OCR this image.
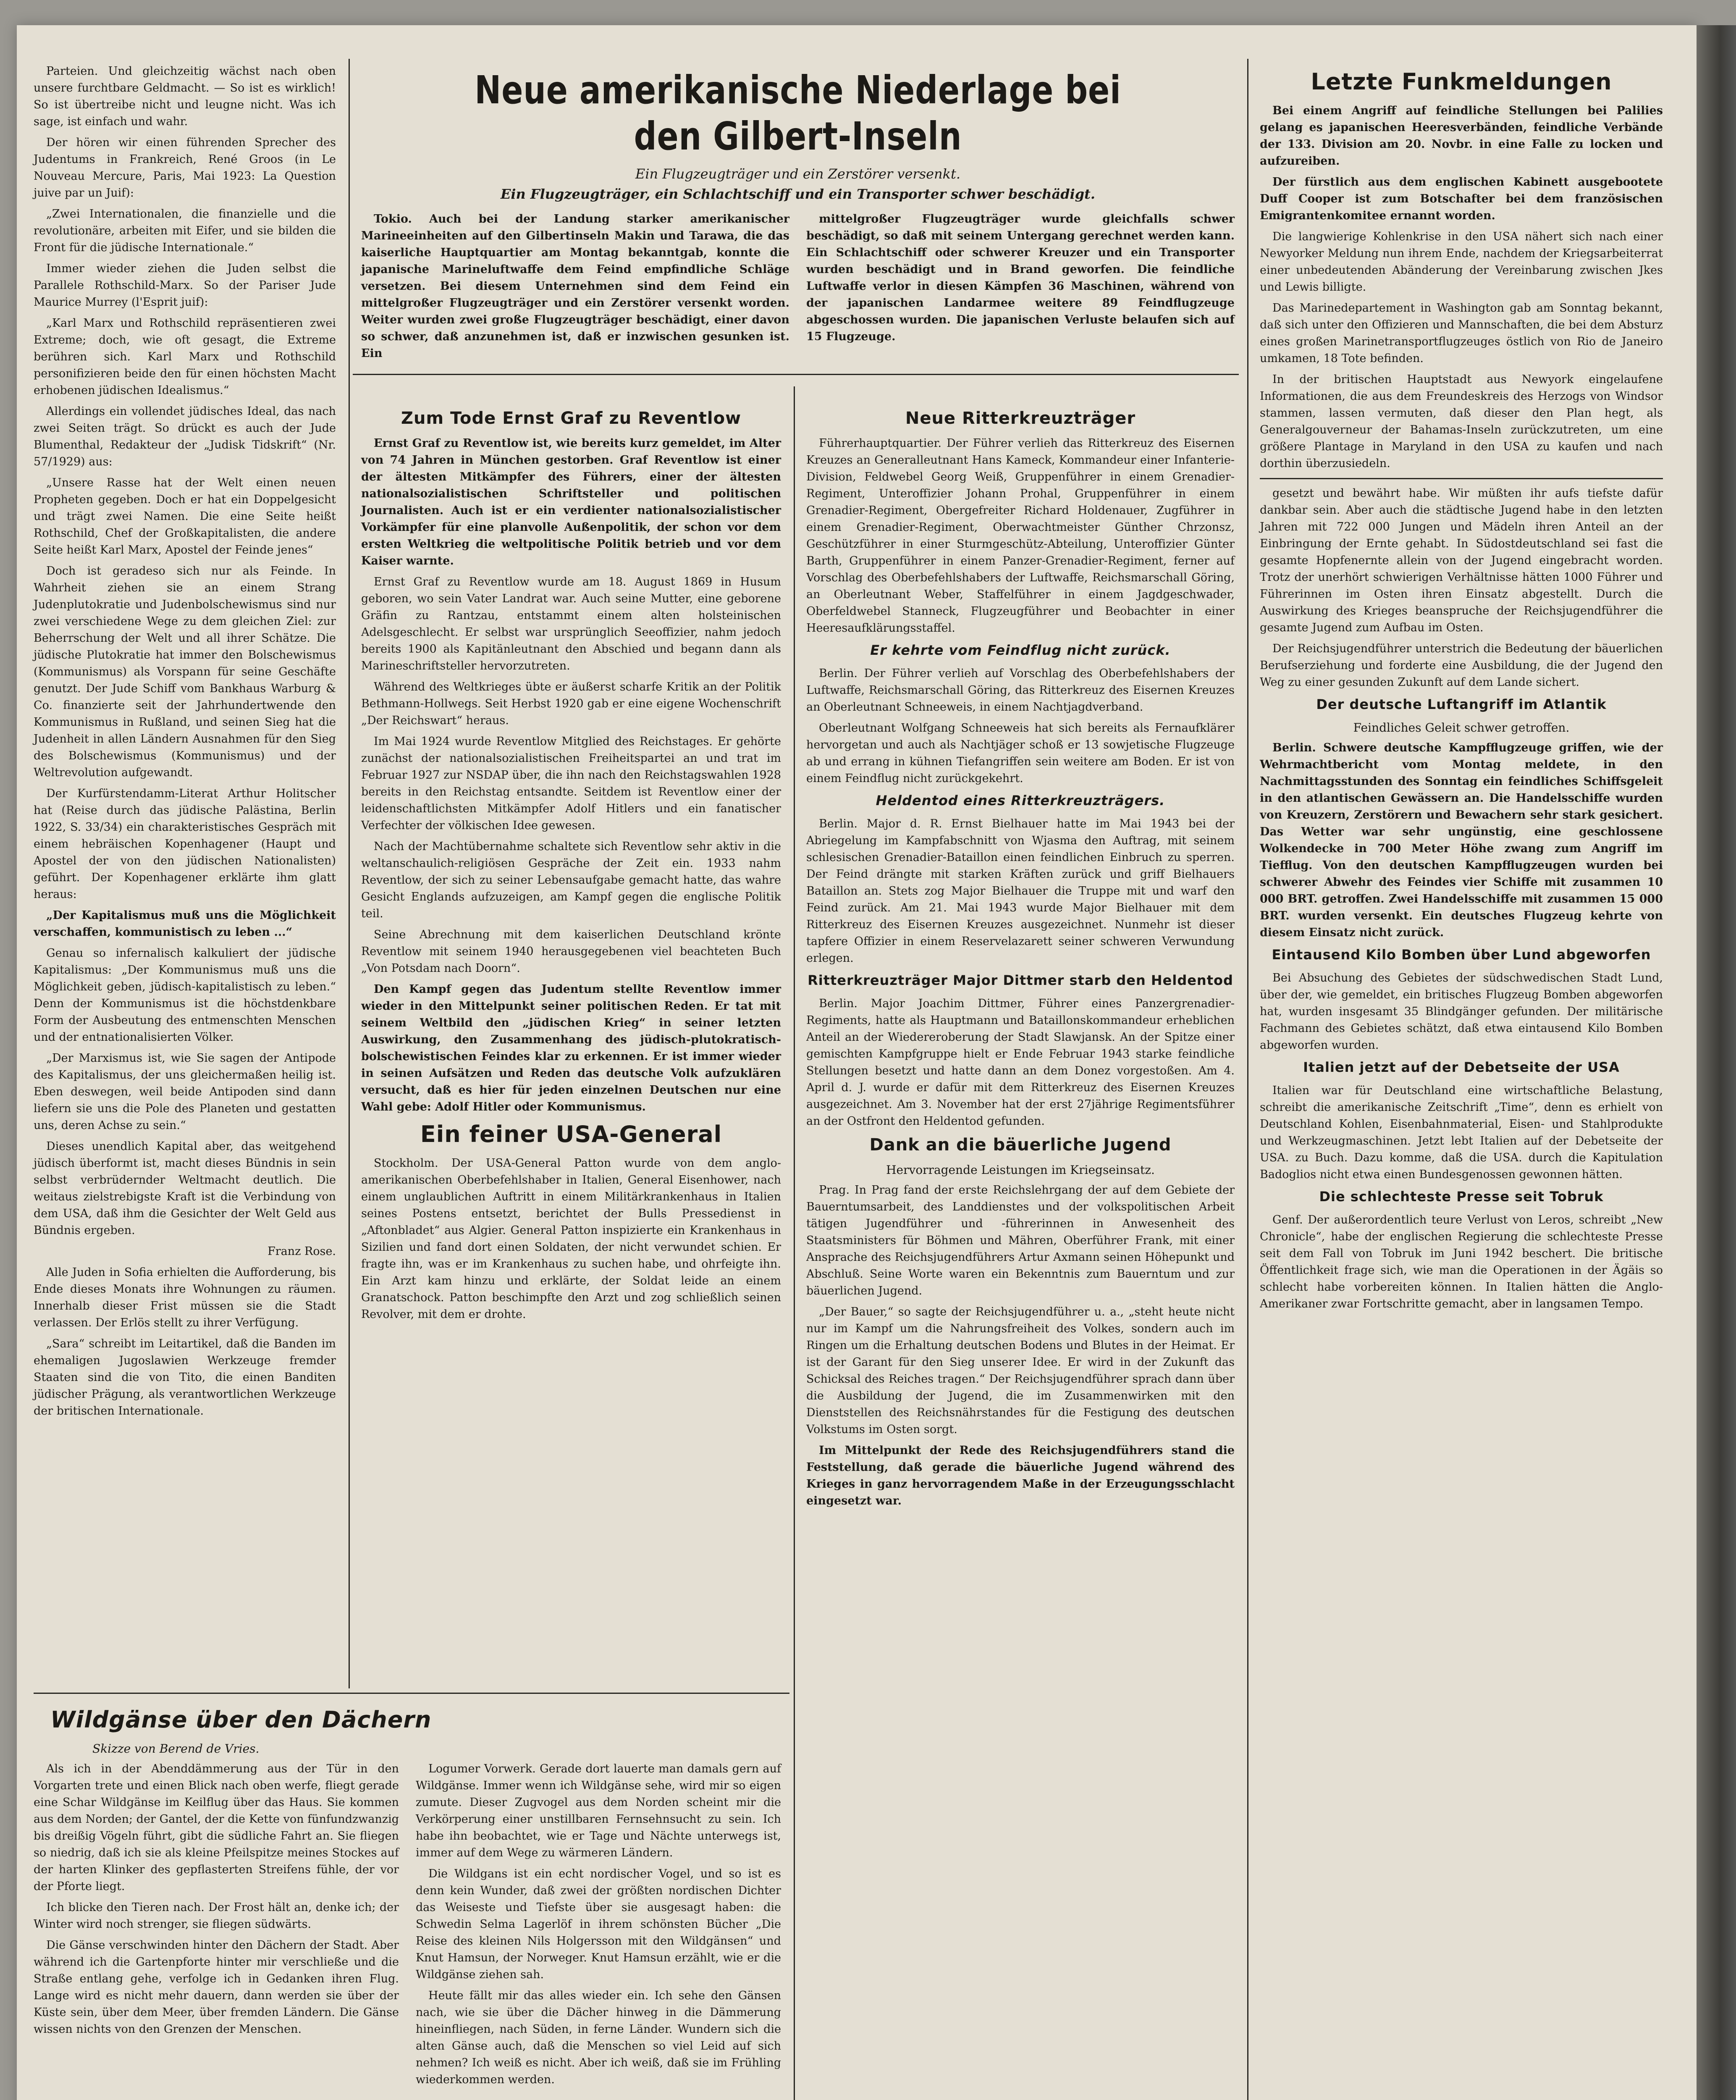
Parteien. Und gleichzeitig wächst nach oben unsere furchtbare Geldmacht. — So ist es wirklich! So ist übertreibe nicht und leugne nicht. Was ich sage, ist einfach und wahr.

Der hören wir einen führenden Sprecher des Judentums in Frankreich, René Groos (in Le Nouveau Mercure, Paris, Mai 1923: La Question juive par un Juif):

„Zwei Internationalen, die finanzielle und die revolutionäre, arbeiten mit Eifer, und sie bilden die Front für die jüdische Internationale.“

Immer wieder ziehen die Juden selbst die Parallele Rothschild-Marx. So der Pariser Jude Maurice Murrey (l'Esprit juif):

„Karl Marx und Rothschild repräsentieren zwei Extreme; doch, wie oft gesagt, die Extreme berühren sich. Karl Marx und Rothschild personifizieren beide den für einen höchsten Macht erhobenen jüdischen Idealismus.“

Allerdings ein vollendet jüdisches Ideal, das nach zwei Seiten trägt. So drückt es auch der Jude Blumenthal, Redakteur der „Judisk Tidskrift“ (Nr. 57/1929) aus:

„Unsere Rasse hat der Welt einen neuen Propheten gegeben. Doch er hat ein Doppelgesicht und trägt zwei Namen. Die eine Seite heißt Rothschild, Chef der Großkapitalisten, die andere Seite heißt Karl Marx, Apostel der Feinde jenes“

Doch ist geradeso sich nur als Feinde. In Wahrheit ziehen sie an einem Strang Judenplutokratie und Judenbolschewismus sind nur zwei verschiedene Wege zu dem gleichen Ziel: zur Beherrschung der Welt und all ihrer Schätze. Die jüdische Plutokratie hat immer den Bolschewismus (Kommunismus) als Vorspann für seine Geschäfte genutzt. Der Jude Schiff vom Bankhaus Warburg & Co. finanzierte seit der Jahrhundertwende den Kommunismus in Rußland, und seinen Sieg hat die Judenheit in allen Ländern Ausnahmen für den Sieg des Bolschewismus (Kommunismus) und der Weltrevolution aufgewandt.

Der Kurfürstendamm-Literat Arthur Holitscher hat (Reise durch das jüdische Palästina, Berlin 1922, S. 33/34) ein charakteristisches Gespräch mit einem hebräischen Kopenhagener (Haupt und Apostel der von den jüdischen Nationalisten) geführt. Der Kopenhagener erklärte ihm glatt heraus:

„Der Kapitalismus muß uns die Möglichkeit verschaffen, kommunistisch zu leben ...“

Genau so infernalisch kalkuliert der jüdische Kapitalismus: „Der Kommunismus muß uns die Möglichkeit geben, jüdisch-kapitalistisch zu leben.“ Denn der Kommunismus ist die höchstdenkbare Form der Ausbeutung des entmenschten Menschen und der entnationalisierten Völker.

„Der Marxismus ist, wie Sie sagen der Antipode des Kapitalismus, der uns gleichermaßen heilig ist. Eben deswegen, weil beide Antipoden sind dann liefern sie uns die Pole des Planeten und gestatten uns, deren Achse zu sein.“

Dieses unendlich Kapital aber, das weitgehend jüdisch überformt ist, macht dieses Bündnis in sein selbst verbrüdernder Weltmacht deutlich. Die weitaus zielstrebigste Kraft ist die Verbindung von dem USA, daß ihm die Gesichter der Welt Geld aus Bündnis ergeben.

Franz Rose.

Alle Juden in Sofia erhielten die Aufforderung, bis Ende dieses Monats ihre Wohnungen zu räumen. Innerhalb dieser Frist müssen sie die Stadt verlassen. Der Erlös stellt zu ihrer Verfügung.

„Sara“ schreibt im Leitartikel, daß die Banden im ehemaligen Jugoslawien Werkzeuge fremder Staaten sind die von Tito, die einen Banditen jüdischer Prägung, als verantwortlichen Werkzeuge der britischen Internationale.

Neue amerikanische Niederlage bei den Gilbert-Inseln

Ein Flugzeugträger und ein Zerstörer versenkt.

Ein Flugzeugträger, ein Schlachtschiff und ein Transporter schwer beschädigt.

Tokio. Auch bei der Landung starker amerikanischer Marineeinheiten auf den Gilbertinseln Makin und Tarawa, die das kaiserliche Hauptquartier am Montag bekanntgab, konnte die japanische Marineluftwaffe dem Feind empfindliche Schläge versetzen. Bei diesem Unternehmen sind dem Feind ein mittelgroßer Flugzeugträger und ein Zerstörer versenkt worden. Weiter wurden zwei große Flugzeugträger beschädigt, einer davon so schwer, daß anzunehmen ist, daß er inzwischen gesunken ist. Ein

mittelgroßer Flugzeugträger wurde gleichfalls schwer beschädigt, so daß mit seinem Untergang gerechnet werden kann. Ein Schlachtschiff oder schwerer Kreuzer und ein Transporter wurden beschädigt und in Brand geworfen. Die feindliche Luftwaffe verlor in diesen Kämpfen 36 Maschinen, während von der japanischen Landarmee weitere 89 Feindflugzeuge abgeschossen wurden. Die japanischen Verluste belaufen sich auf 15 Flugzeuge.

Zum Tode Ernst Graf zu Reventlow

Ernst Graf zu Reventlow ist, wie bereits kurz gemeldet, im Alter von 74 Jahren in München gestorben. Graf Reventlow ist einer der ältesten Mitkämpfer des Führers, einer der ältesten nationalsozialistischen Schriftsteller und politischen Journalisten. Auch ist er ein verdienter nationalsozialistischer Vorkämpfer für eine planvolle Außenpolitik, der schon vor dem ersten Weltkrieg die weltpolitische Politik betrieb und vor dem Kaiser warnte.

Ernst Graf zu Reventlow wurde am 18. August 1869 in Husum geboren, wo sein Vater Landrat war. Auch seine Mutter, eine geborene Gräfin zu Rantzau, entstammt einem alten holsteinischen Adelsgeschlecht. Er selbst war ursprünglich Seeoffizier, nahm jedoch bereits 1900 als Kapitänleutnant den Abschied und begann dann als Marineschriftsteller hervorzutreten.

Während des Weltkrieges übte er äußerst scharfe Kritik an der Politik Bethmann-Hollwegs. Seit Herbst 1920 gab er eine eigene Wochenschrift „Der Reichswart“ heraus.

Im Mai 1924 wurde Reventlow Mitglied des Reichstages. Er gehörte zunächst der nationalsozialistischen Freiheitspartei an und trat im Februar 1927 zur NSDAP über, die ihn nach den Reichstagswahlen 1928 bereits in den Reichstag entsandte. Seitdem ist Reventlow einer der leidenschaftlichsten Mitkämpfer Adolf Hitlers und ein fanatischer Verfechter der völkischen Idee gewesen.

Nach der Machtübernahme schaltete sich Reventlow sehr aktiv in die weltanschaulich-religiösen Gespräche der Zeit ein. 1933 nahm Reventlow, der sich zu seiner Lebensaufgabe gemacht hatte, das wahre Gesicht Englands aufzuzeigen, am Kampf gegen die englische Politik teil.

Seine Abrechnung mit dem kaiserlichen Deutschland krönte Reventlow mit seinem 1940 herausgegebenen viel beachteten Buch „Von Potsdam nach Doorn“.

Den Kampf gegen das Judentum stellte Reventlow immer wieder in den Mittelpunkt seiner politischen Reden. Er tat mit seinem Weltbild den „jüdischen Krieg“ in seiner letzten Auswirkung, den Zusammenhang des jüdisch-plutokratisch-bolschewistischen Feindes klar zu erkennen. Er ist immer wieder in seinen Aufsätzen und Reden das deutsche Volk aufzuklären versucht, daß es hier für jeden einzelnen Deutschen nur eine Wahl gebe: Adolf Hitler oder Kommunismus.

Ein feiner USA-General

Stockholm. Der USA-General Patton wurde von dem anglo-amerikanischen Oberbefehlshaber in Italien, General Eisenhower, nach einem unglaublichen Auftritt in einem Militärkrankenhaus in Italien seines Postens entsetzt, berichtet der Bulls Pressedienst in „Aftonbladet“ aus Algier. General Patton inspizierte ein Krankenhaus in Sizilien und fand dort einen Soldaten, der nicht verwundet schien. Er fragte ihn, was er im Krankenhaus zu suchen habe, und ohrfeigte ihn. Ein Arzt kam hinzu und erklärte, der Soldat leide an einem Granatschock. Patton beschimpfte den Arzt und zog schließlich seinen Revolver, mit dem er drohte.

Neue Ritterkreuzträger

Führerhauptquartier. Der Führer verlieh das Ritterkreuz des Eisernen Kreuzes an Generalleutnant Hans Kameck, Kommandeur einer Infanterie-Division, Feldwebel Georg Weiß, Gruppenführer in einem Grenadier-Regiment, Unteroffizier Johann Prohal, Gruppenführer in einem Grenadier-Regiment, Obergefreiter Richard Holdenauer, Zugführer in einem Grenadier-Regiment, Oberwachtmeister Günther Chrzonsz, Geschützführer in einer Sturmgeschütz-Abteilung, Unteroffizier Günter Barth, Gruppenführer in einem Panzer-Grenadier-Regiment, ferner auf Vorschlag des Oberbefehlshabers der Luftwaffe, Reichsmarschall Göring, an Oberleutnant Weber, Staffelführer in einem Jagdgeschwader, Oberfeldwebel Stanneck, Flugzeugführer und Beobachter in einer Heeresaufklärungsstaffel.

Er kehrte vom Feindflug nicht zurück.

Berlin. Der Führer verlieh auf Vorschlag des Oberbefehlshabers der Luftwaffe, Reichsmarschall Göring, das Ritterkreuz des Eisernen Kreuzes an Oberleutnant Schneeweis, in einem Nachtjagdverband.

Oberleutnant Wolfgang Schneeweis hat sich bereits als Fernaufklärer hervorgetan und auch als Nachtjäger schoß er 13 sowjetische Flugzeuge ab und errang in kühnen Tiefangriffen sein weitere am Boden. Er ist von einem Feindflug nicht zurückgekehrt.

Heldentod eines Ritterkreuzträgers.

Berlin. Major d. R. Ernst Bielhauer hatte im Mai 1943 bei der Abriegelung im Kampfabschnitt von Wjasma den Auftrag, mit seinem schlesischen Grenadier-Bataillon einen feindlichen Einbruch zu sperren. Der Feind drängte mit starken Kräften zurück und griff Bielhauers Bataillon an. Stets zog Major Bielhauer die Truppe mit und warf den Feind zurück. Am 21. Mai 1943 wurde Major Bielhauer mit dem Ritterkreuz des Eisernen Kreuzes ausgezeichnet. Nunmehr ist dieser tapfere Offizier in einem Reservelazarett seiner schweren Verwundung erlegen.

Ritterkreuzträger Major Dittmer starb den Heldentod

Berlin. Major Joachim Dittmer, Führer eines Panzergrenadier-Regiments, hatte als Hauptmann und Bataillonskommandeur erheblichen Anteil an der Wiedereroberung der Stadt Slawjansk. An der Spitze einer gemischten Kampfgruppe hielt er Ende Februar 1943 starke feindliche Stellungen besetzt und hatte dann an dem Donez vorgestoßen. Am 4. April d. J. wurde er dafür mit dem Ritterkreuz des Eisernen Kreuzes ausgezeichnet. Am 3. November hat der erst 27jährige Regimentsführer an der Ostfront den Heldentod gefunden.

Dank an die bäuerliche Jugend

Hervorragende Leistungen im Kriegseinsatz.

Prag. In Prag fand der erste Reichslehrgang der auf dem Gebiete der Bauerntumsarbeit, des Landdienstes und der volkspolitischen Arbeit tätigen Jugendführer und -führerinnen in Anwesenheit des Staatsministers für Böhmen und Mähren, Oberführer Frank, mit einer Ansprache des Reichsjugendführers Artur Axmann seinen Höhepunkt und Abschluß. Seine Worte waren ein Bekenntnis zum Bauerntum und zur bäuerlichen Jugend.

„Der Bauer,“ so sagte der Reichsjugendführer u. a., „steht heute nicht nur im Kampf um die Nahrungsfreiheit des Volkes, sondern auch im Ringen um die Erhaltung deutschen Bodens und Blutes in der Heimat. Er ist der Garant für den Sieg unserer Idee. Er wird in der Zukunft das Schicksal des Reiches tragen.“ Der Reichsjugendführer sprach dann über die Ausbildung der Jugend, die im Zusammenwirken mit den Dienststellen des Reichsnährstandes für die Festigung des deutschen Volkstums im Osten sorgt.

Im Mittelpunkt der Rede des Reichsjugendführers stand die Feststellung, daß gerade die bäuerliche Jugend während des Krieges in ganz hervorragendem Maße in der Erzeugungsschlacht eingesetzt war.

Letzte Funkmeldungen

Bei einem Angriff auf feindliche Stellungen bei Palilies gelang es japanischen Heeresverbänden, feindliche Verbände der 133. Division am 20. Novbr. in eine Falle zu locken und aufzureiben.

Der fürstlich aus dem englischen Kabinett ausgebootete Duff Cooper ist zum Botschafter bei dem französischen Emigrantenkomitee ernannt worden.

Die langwierige Kohlenkrise in den USA nähert sich nach einer Newyorker Meldung nun ihrem Ende, nachdem der Kriegsarbeiterrat einer unbedeutenden Abänderung der Vereinbarung zwischen Jkes und Lewis billigte.

Das Marinedepartement in Washington gab am Sonntag bekannt, daß sich unter den Offizieren und Mannschaften, die bei dem Absturz eines großen Marinetransportflugzeuges östlich von Rio de Janeiro umkamen, 18 Tote befinden.

In der britischen Hauptstadt aus Newyork eingelaufene Informationen, die aus dem Freundeskreis des Herzogs von Windsor stammen, lassen vermuten, daß dieser den Plan hegt, als Generalgouverneur der Bahamas-Inseln zurückzutreten, um eine größere Plantage in Maryland in den USA zu kaufen und nach dorthin überzusiedeln.

gesetzt und bewährt habe. Wir müßten ihr aufs tiefste dafür dankbar sein. Aber auch die städtische Jugend habe in den letzten Jahren mit 722 000 Jungen und Mädeln ihren Anteil an der Einbringung der Ernte gehabt. In Südostdeutschland sei fast die gesamte Hopfenernte allein von der Jugend eingebracht worden. Trotz der unerhört schwierigen Verhältnisse hätten 1000 Führer und Führerinnen im Osten ihren Einsatz abgestellt. Durch die Auswirkung des Krieges beanspruche der Reichsjugendführer die gesamte Jugend zum Aufbau im Osten.

Der Reichsjugendführer unterstrich die Bedeutung der bäuerlichen Berufserziehung und forderte eine Ausbildung, die der Jugend den Weg zu einer gesunden Zukunft auf dem Lande sichert.

Der deutsche Luftangriff im Atlantik

Feindliches Geleit schwer getroffen.

Berlin. Schwere deutsche Kampfflugzeuge griffen, wie der Wehrmachtbericht vom Montag meldete, in den Nachmittagsstunden des Sonntag ein feindliches Schiffsgeleit in den atlantischen Gewässern an. Die Handelsschiffe wurden von Kreuzern, Zerstörern und Bewachern sehr stark gesichert. Das Wetter war sehr ungünstig, eine geschlossene Wolkendecke in 700 Meter Höhe zwang zum Angriff im Tiefflug. Von den deutschen Kampfflugzeugen wurden bei schwerer Abwehr des Feindes vier Schiffe mit zusammen 10 000 BRT. getroffen. Zwei Handelsschiffe mit zusammen 15 000 BRT. wurden versenkt. Ein deutsches Flugzeug kehrte von diesem Einsatz nicht zurück.

Eintausend Kilo Bomben über Lund abgeworfen

Bei Absuchung des Gebietes der südschwedischen Stadt Lund, über der, wie gemeldet, ein britisches Flugzeug Bomben abgeworfen hat, wurden insgesamt 35 Blindgänger gefunden. Der militärische Fachmann des Gebietes schätzt, daß etwa eintausend Kilo Bomben abgeworfen wurden.

Italien jetzt auf der Debetseite der USA

Italien war für Deutschland eine wirtschaftliche Belastung, schreibt die amerikanische Zeitschrift „Time“, denn es erhielt von Deutschland Kohlen, Eisenbahnmaterial, Eisen- und Stahlprodukte und Werkzeugmaschinen. Jetzt lebt Italien auf der Debetseite der USA. zu Buch. Dazu komme, daß die USA. durch die Kapitulation Badoglios nicht etwa einen Bundesgenossen gewonnen hätten.

Die schlechteste Presse seit Tobruk

Genf. Der außerordentlich teure Verlust von Leros, schreibt „New Chronicle“, habe der englischen Regierung die schlechteste Presse seit dem Fall von Tobruk im Juni 1942 beschert. Die britische Öffentlichkeit frage sich, wie man die Operationen in der Ägäis so schlecht habe vorbereiten können. In Italien hätten die Anglo-Amerikaner zwar Fortschritte gemacht, aber in langsamen Tempo.

Wildgänse über den Dächern

Skizze von Berend de Vries.

Als ich in der Abenddämmerung aus der Tür in den Vorgarten trete und einen Blick nach oben werfe, fliegt gerade eine Schar Wildgänse im Keilflug über das Haus. Sie kommen aus dem Norden; der Gantel, der die Kette von fünfundzwanzig bis dreißig Vögeln führt, gibt die südliche Fahrt an. Sie fliegen so niedrig, daß ich sie als kleine Pfeilspitze meines Stockes auf der harten Klinker des gepflasterten Streifens fühle, der vor der Pforte liegt.

Ich blicke den Tieren nach. Der Frost hält an, denke ich; der Winter wird noch strenger, sie fliegen südwärts.

Die Gänse verschwinden hinter den Dächern der Stadt. Aber während ich die Gartenpforte hinter mir verschließe und die Straße entlang gehe, verfolge ich in Gedanken ihren Flug. Lange wird es nicht mehr dauern, dann werden sie über der Küste sein, über dem Meer, über fremden Ländern. Die Gänse wissen nichts von den Grenzen der Menschen.

Logumer Vorwerk. Gerade dort lauerte man damals gern auf Wildgänse. Immer wenn ich Wildgänse sehe, wird mir so eigen zumute. Dieser Zugvogel aus dem Norden scheint mir die Verkörperung einer unstillbaren Fernsehnsucht zu sein. Ich habe ihn beobachtet, wie er Tage und Nächte unterwegs ist, immer auf dem Wege zu wärmeren Ländern.

Die Wildgans ist ein echt nordischer Vogel, und so ist es denn kein Wunder, daß zwei der größten nordischen Dichter das Weiseste und Tiefste über sie ausgesagt haben: die Schwedin Selma Lagerlöf in ihrem schönsten Bücher „Die Reise des kleinen Nils Holgersson mit den Wildgänsen“ und Knut Hamsun, der Norweger. Knut Hamsun erzählt, wie er die Wildgänse ziehen sah.

Heute fällt mir das alles wieder ein. Ich sehe den Gänsen nach, wie sie über die Dächer hinweg in die Dämmerung hineinfliegen, nach Süden, in ferne Länder. Wundern sich die alten Gänse auch, daß die Menschen so viel Leid auf sich nehmen? Ich weiß es nicht. Aber ich weiß, daß sie im Frühling wiederkommen werden.
